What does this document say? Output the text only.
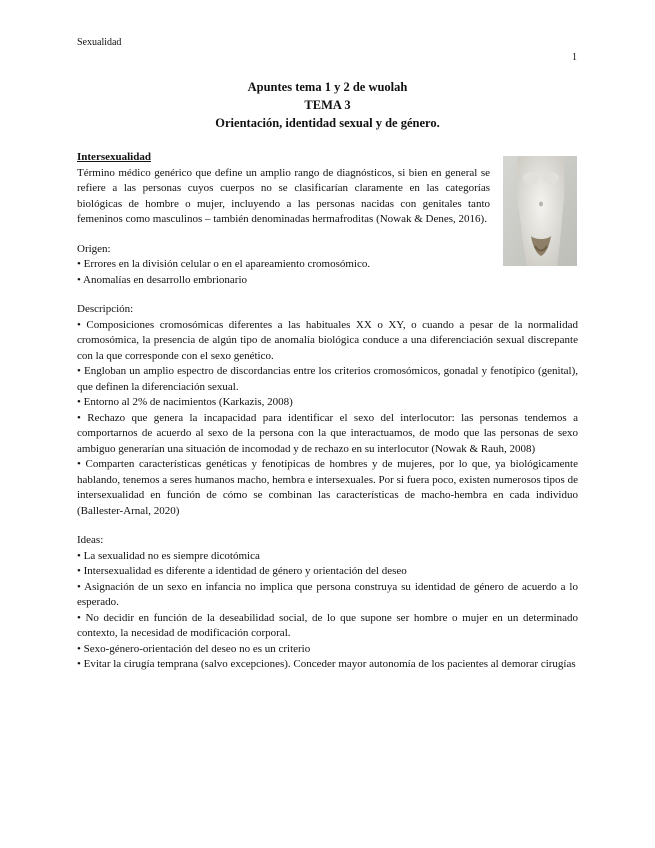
Sexualidad
1
Apuntes tema 1 y 2 de wuolah
TEMA 3
Orientación, identidad sexual y de género.
Intersexualidad
Término médico genérico que define un amplio rango de diagnósticos, si bien en general se refiere a las personas cuyos cuerpos no se clasificarían claramente en las categorías biológicas de hombre o mujer, incluyendo a las personas nacidas con genitales tanto femeninos como masculinos – también denominadas hermafroditas (Nowak & Denes, 2016).
Origen:
• Errores en la división celular o en el apareamiento cromosómico.
• Anomalías en desarrollo embrionario
Descripción:
• Composiciones cromosómicas diferentes a las habituales XX o XY, o cuando a pesar de la normalidad cromosómica, la presencia de algún tipo de anomalía biológica conduce a una diferenciación sexual discrepante con la que corresponde con el sexo genético.
• Engloban un amplio espectro de discordancias entre los criterios cromosómicos, gonadal y fenotípico (genital), que definen la diferenciación sexual.
• Entorno al 2% de nacimientos (Karkazis, 2008)
• Rechazo que genera la incapacidad para identificar el sexo del interlocutor: las personas tendemos a comportarnos de acuerdo al sexo de la persona con la que interactuamos, de modo que las personas de sexo ambiguo generarían una situación de incomodad y de rechazo en su interlocutor (Nowak & Rauh, 2008)
• Comparten características genéticas y fenotípicas de hombres y de mujeres, por lo que, ya biológicamente hablando, tenemos a seres humanos macho, hembra e intersexuales. Por si fuera poco, existen numerosos tipos de intersexualidad en función de cómo se combinan las características de macho-hembra en cada individuo (Ballester-Arnal, 2020)
Ideas:
• La sexualidad no es siempre dicotómica
• Intersexualidad es diferente a identidad de género y orientación del deseo
• Asignación de un sexo en infancia no implica que persona construya su identidad de género de acuerdo a lo esperado.
• No decidir en función de la deseabilidad social, de lo que supone ser hombre o mujer en un determinado contexto, la necesidad de modificación corporal.
• Sexo-género-orientación del deseo no es un criterio
• Evitar la cirugía temprana (salvo excepciones). Conceder mayor autonomía de los pacientes al demorar cirugías
